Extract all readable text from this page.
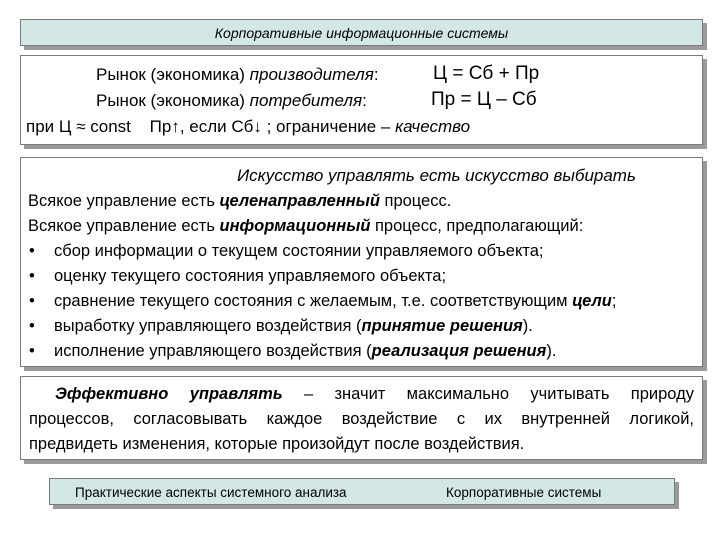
Корпоративные информационные системы
Рынок (экономика) производителя:	Ц = Сб + Пр
Рынок (экономика) потребителя:	Пр = Ц – Сб
при Ц ≈ const Пр↑, если Сб↓ ; ограничение – качество
Искусство управлять есть искусство выбирать
Всякое управление есть целенаправленный процесс.
Всякое управление есть информационный процесс, предполагающий:
• сбор информации о текущем состоянии управляемого объекта;
• оценку текущего состояния управляемого объекта;
• сравнение текущего состояния с желаемым, т.е. соответствующим цели;
• выработку управляющего воздействия (принятие решения).
• исполнение управляющего воздействия (реализация решения).
Эффективно управлять – значит максимально учитывать природу
процессов, согласовывать каждое воздействие с их внутренней логикой,
предвидеть изменения, которые произойдут после воздействия.
Практические аспекты системного анализа	Корпоративные системы
